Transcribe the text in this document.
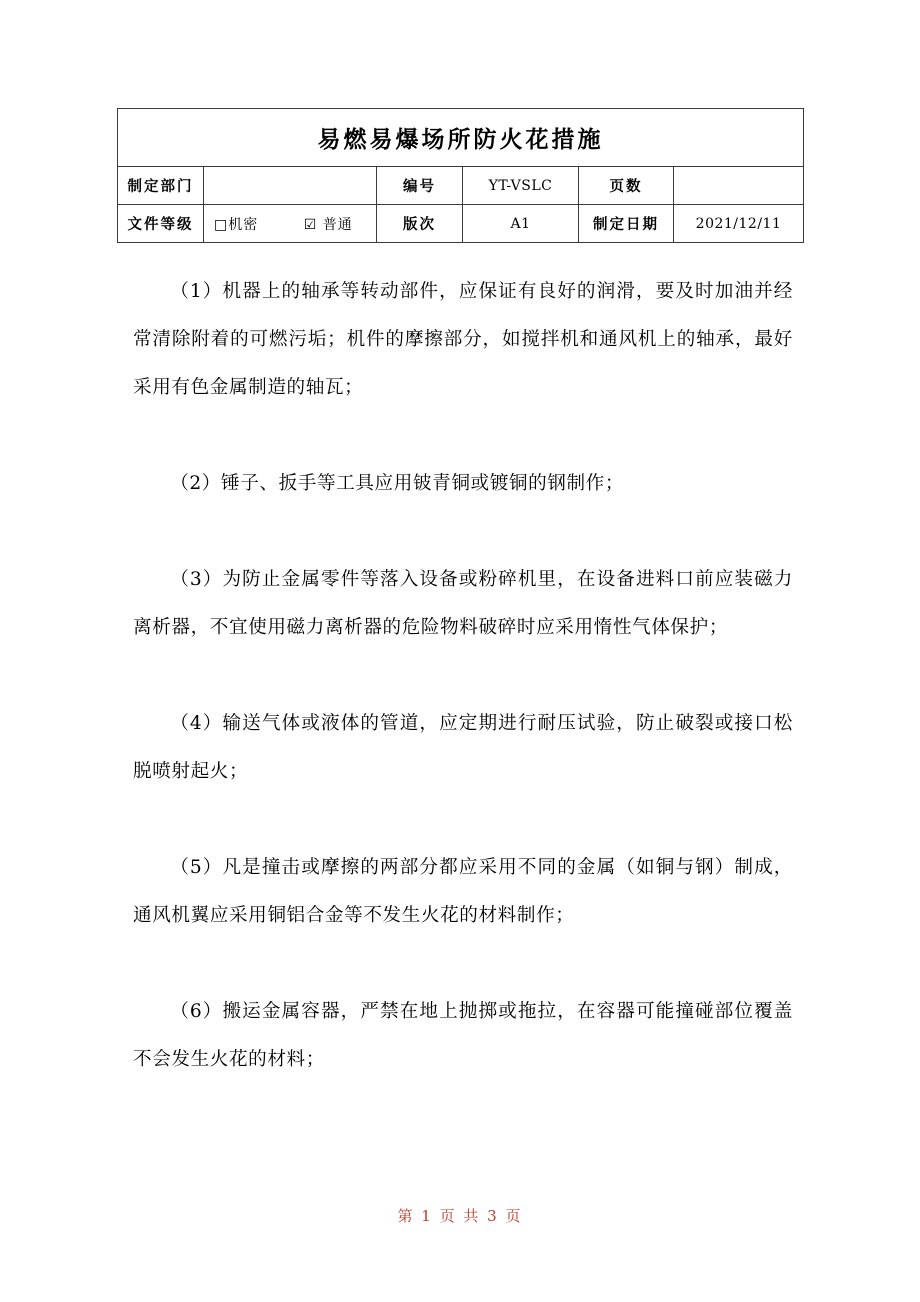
易燃易爆场所防火花措施					
制定部门		编号	YT-VSLC	页数	
文件等级	□机密 ☑ 普通	版次	A1	制定日期	2021/12/11

（1）机器上的轴承等转动部件，应保证有良好的润滑，要及时加油并经常清除附着的可燃污垢；机件的摩擦部分，如搅拌机和通风机上的轴承，最好采用有色金属制造的轴瓦；

（2）锤子、扳手等工具应用铍青铜或镀铜的钢制作；

（3）为防止金属零件等落入设备或粉碎机里，在设备进料口前应装磁力离析器，不宜使用磁力离析器的危险物料破碎时应采用惰性气体保护；

（4）输送气体或液体的管道，应定期进行耐压试验，防止破裂或接口松脱喷射起火；

（5）凡是撞击或摩擦的两部分都应采用不同的金属（如铜与钢）制成，通风机翼应采用铜铝合金等不发生火花的材料制作；

（6）搬运金属容器，严禁在地上抛掷或拖拉，在容器可能撞碰部位覆盖不会发生火花的材料；

第 1 页 共 3 页
